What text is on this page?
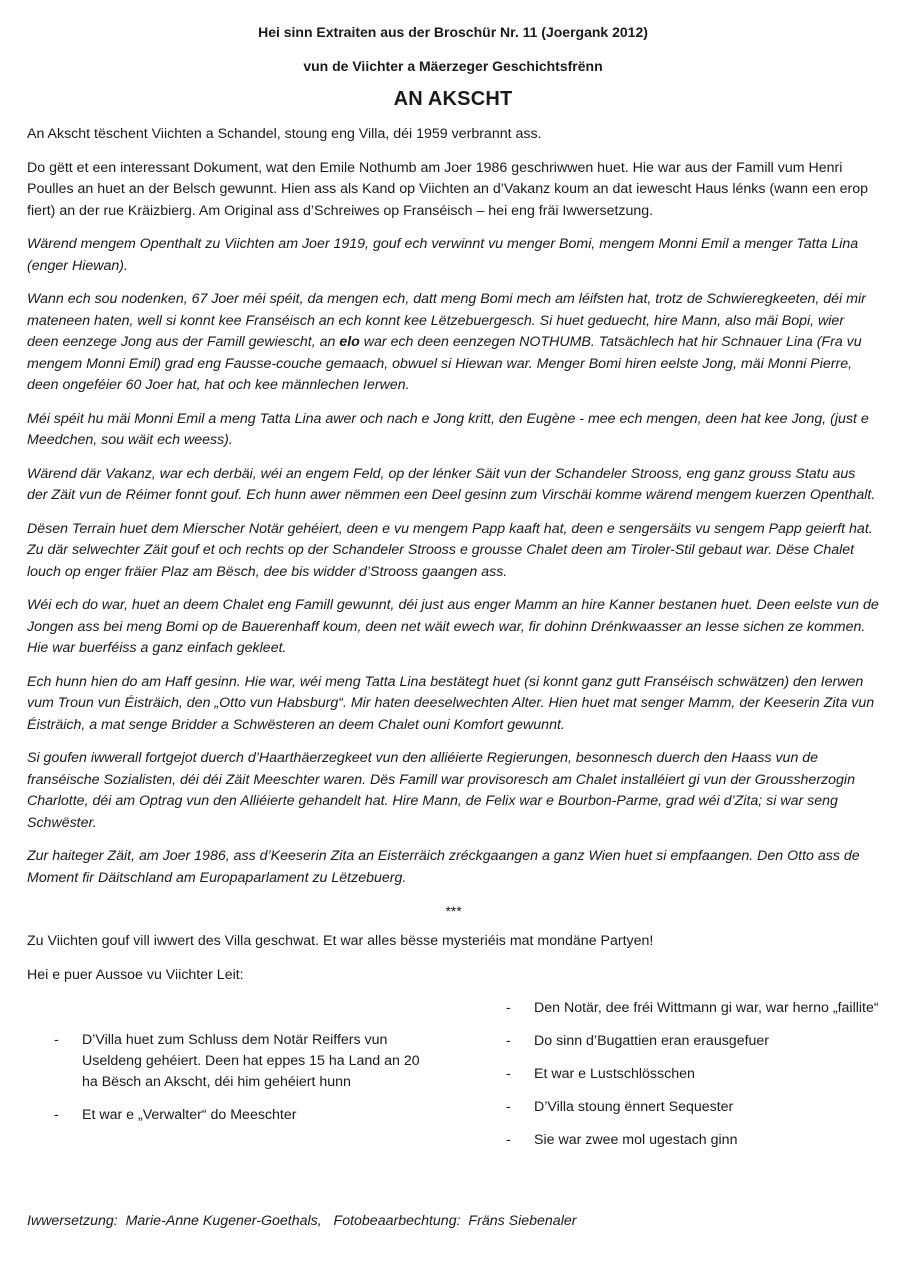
Hei sinn Extraiten aus der Broschür Nr. 11 (Joergank 2012)

vun de Viichter a Mäerzeger Geschichtsfrënn

AN AKSCHT

An Akscht tëschent Viichten a Schandel, stoung eng Villa, déi 1959 verbrannt ass.

Do gëtt et een interessant Dokument, wat den Emile Nothumb am Joer 1986 geschriwwen huet. Hie war aus der Famill vum Henri Poulles an huet an der Belsch gewunnt. Hien ass als Kand op Viichten an d’Vakanz koum an dat iewescht Haus lénks (wann een erop fiert) an der rue Kräizbierg. Am Original ass d’Schreiwes op Franséisch – hei eng fräi Iwwersetzung.

Wärend mengem Openthalt zu Viichten am Joer 1919, gouf ech verwinnt vu menger Bomi, mengem Monni Emil a menger Tatta Lina (enger Hiewan).

Wann ech sou nodenken, 67 Joer méi spéit, da mengen ech, datt meng Bomi mech am léifsten hat, trotz de Schwieregkeeten, déi mir mateneen haten, well si konnt kee Franséisch an ech konnt kee Lëtzebuergesch. Si huet geduecht, hire Mann, also mäi Bopi, wier deen eenzege Jong aus der Famill gewiescht, an elo war ech deen eenzegen NOTHUMB. Tatsächlech hat hir Schnauer Lina (Fra vu mengem Monni Emil) grad eng Fausse-couche gemaach, obwuel si Hiewan war. Menger Bomi hiren eelste Jong, mäi Monni Pierre, deen ongeféier 60 Joer hat, hat och kee männlechen Ierwen.

Méi spéit hu mäi Monni Emil a meng Tatta Lina awer och nach e Jong kritt, den Eugène - mee ech mengen, deen hat kee Jong, (just e Meedchen, sou wäit ech weess).

Wärend där Vakanz, war ech derbäi, wéi an engem Feld, op der lénker Säit vun der Schandeler Strooss, eng ganz grouss Statu aus der Zäit vun de Réimer fonnt gouf. Ech hunn awer nëmmen een Deel gesinn zum Virschäi komme wärend mengem kuerzen Openthalt.

Dësen Terrain huet dem Mierscher Notär gehéiert, deen e vu mengem Papp kaaft hat, deen e sengersäits vu sengem Papp geierft hat. Zu där selwechter Zäit gouf et och rechts op der Schandeler Strooss e grousse Chalet deen am Tiroler-Stil gebaut war. Dëse Chalet louch op enger fräier Plaz am Bësch, dee bis widder d’Strooss gaangen ass.

Wéi ech do war, huet an deem Chalet eng Famill gewunnt, déi just aus enger Mamm an hire Kanner bestanen huet. Deen eelste vun de Jongen ass bei meng Bomi op de Bauerenhaff koum, deen net wäit ewech war, fir dohinn Drénkwaasser an Iesse sichen ze kommen. Hie war buerféiss a ganz einfach gekleet.

Ech hunn hien do am Haff gesinn. Hie war, wéi meng Tatta Lina bestätegt huet (si konnt ganz gutt Franséisch schwätzen) den Ierwen vum Troun vun Éisträich, den „Otto vun Habsburg“. Mir haten deeselwechten Alter. Hien huet mat senger Mamm, der Keeserin Zita vun Éisträich, a mat senge Bridder a Schwësteren an deem Chalet ouni Komfort gewunnt.

Si goufen iwwerall fortgejot duerch d’Haarthäerzegkeet vun den alliéierte Regierungen, besonnesch duerch den Haass vun de franséische Sozialisten, déi déi Zäit Meeschter waren. Dës Famill war provisoresch am Chalet installéiert gi vun der Groussherzogin Charlotte, déi am Optrag vun den Alliéierte gehandelt hat. Hire Mann, de Felix war e Bourbon-Parme, grad wéi d’Zita; si war seng Schwëster.

Zur haiteger Zäit, am Joer 1986, ass d’Keeserin Zita an Eisterräich zréckgaangen a ganz Wien huet si empfaangen. Den Otto ass de Moment fir Däitschland am Europaparlament zu Lëtzebuerg.

***

Zu Viichten gouf vill iwwert des Villa geschwat. Et war alles bësse mysteriéis mat mondäne Partyen!

Hei e puer Aussoe vu Viichter Leit:

- D’Villa huet zum Schluss dem Notär Reiffers vun Useldeng gehéiert. Deen hat eppes 15 ha Land an 20 ha Bësch an Akscht, déi him gehéiert hunn
- Et war e „Verwalter“ do Meeschter
- Den Notär, dee fréi Wittmann gi war, war herno „faillite“
- Do sinn d’Bugattien eran erausgefuer
- Et war e Lustschlösschen
- D’Villa stoung ënnert Sequester
- Sie war zwee mol ugestach ginn
Iwwersetzung: Marie-Anne Kugener-Goethals, Fotobeaarbechtung: Fräns Siebenaler
